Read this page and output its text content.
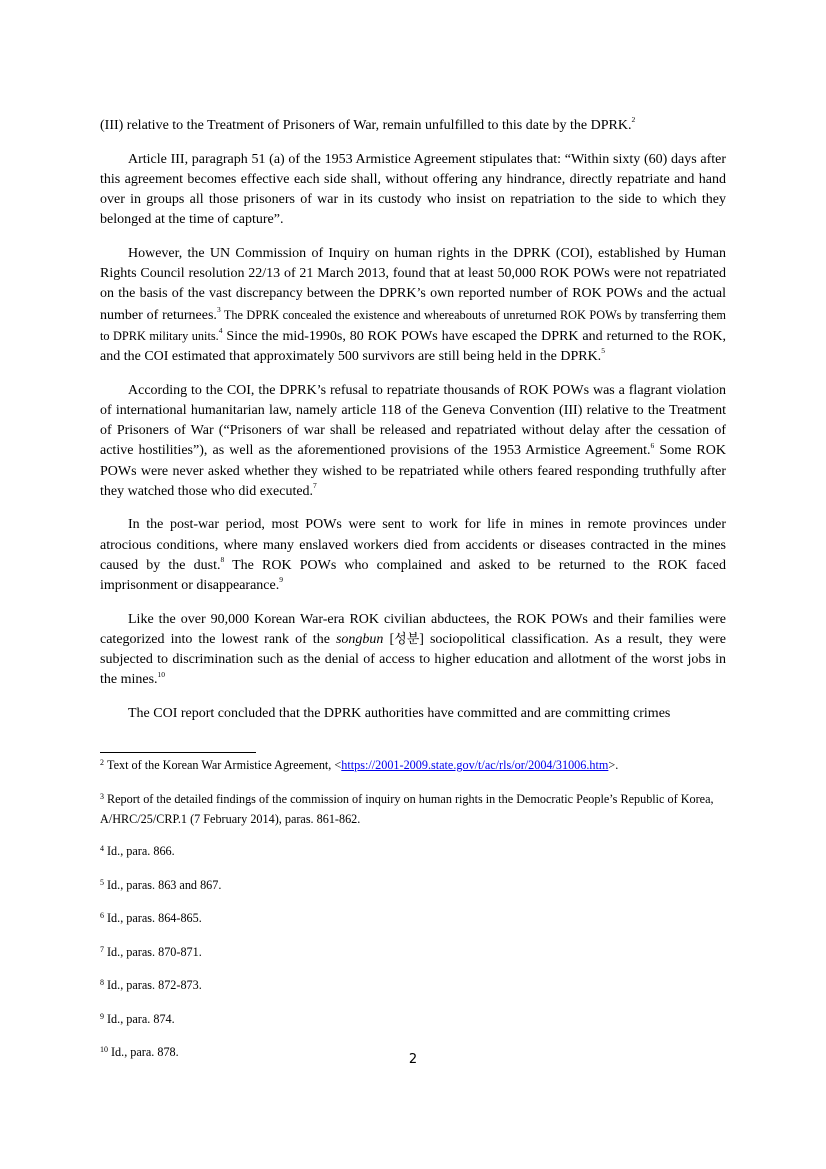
(III) relative to the Treatment of Prisoners of War, remain unfulfilled to this date by the DPRK.$^2$

Article III, paragraph 51 (a) of the 1953 Armistice Agreement stipulates that: “Within sixty (60) days after this agreement becomes effective each side shall, without offering any hindrance, directly repatriate and hand over in groups all those prisoners of war in its custody who insist on repatriation to the side to which they belonged at the time of capture”.

However, the UN Commission of Inquiry on human rights in the DPRK (COI), established by Human Rights Council resolution 22/13 of 21 March 2013, found that at least 50,000 ROK POWs were not repatriated on the basis of the vast discrepancy between the DPRK’s own reported number of ROK POWs and the actual number of returnees.$^3$ The DPRK concealed the existence and whereabouts of unreturned ROK POWs by transferring them to DPRK military units.$^4$ Since the mid-1990s, 80 ROK POWs have escaped the DPRK and returned to the ROK, and the COI estimated that approximately 500 survivors are still being held in the DPRK.$^5$

According to the COI, the DPRK’s refusal to repatriate thousands of ROK POWs was a flagrant violation of international humanitarian law, namely article 118 of the Geneva Convention (III) relative to the Treatment of Prisoners of War (“Prisoners of war shall be released and repatriated without delay after the cessation of active hostilities”), as well as the aforementioned provisions of the 1953 Armistice Agreement.$^6$ Some ROK POWs were never asked whether they wished to be repatriated while others feared responding truthfully after they watched those who did executed.$^7$

In the post-war period, most POWs were sent to work for life in mines in remote provinces under atrocious conditions, where many enslaved workers died from accidents or diseases contracted in the mines caused by the dust.$^8$ The ROK POWs who complained and asked to be returned to the ROK faced imprisonment or disappearance.$^9$

Like the over 90,000 Korean War-era ROK civilian abductees, the ROK POWs and their families were categorized into the lowest rank of the songbun [성분] sociopolitical classification. As a result, they were subjected to discrimination such as the denial of access to higher education and allotment of the worst jobs in the mines.$^{10}$

The COI report concluded that the DPRK authorities have committed and are committing crimes

$^2$ Text of the Korean War Armistice Agreement, <https://2001-2009.state.gov/t/ac/rls/or/2004/31006.htm>.

$^3$ Report of the detailed findings of the commission of inquiry on human rights in the Democratic People’s Republic of Korea, A/HRC/25/CRP.1 (7 February 2014), paras. 861-862.

$^4$ Id., para. 866.

$^5$ Id., paras. 863 and 867.

$^6$ Id., paras. 864-865.

$^7$ Id., paras. 870-871.

$^8$ Id., paras. 872-873.

$^9$ Id., para. 874.

$^{10}$ Id., para. 878.	2
